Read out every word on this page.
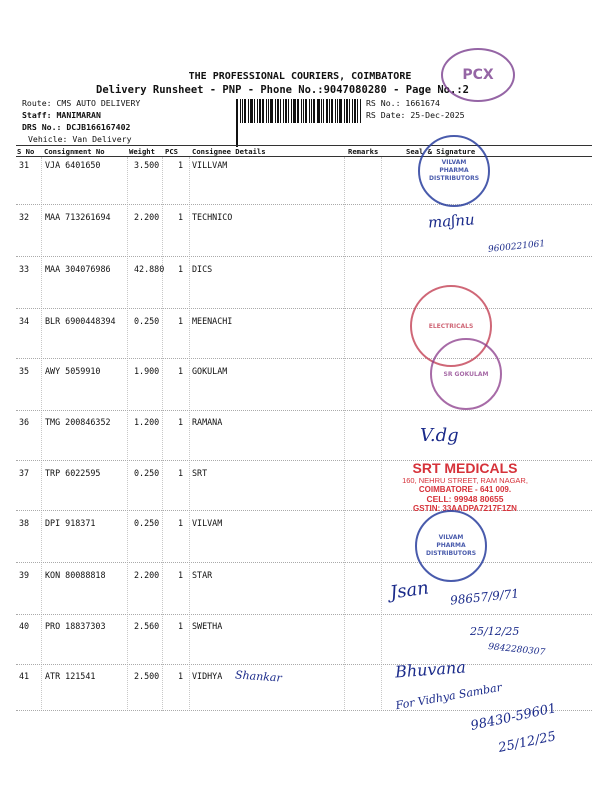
THE PROFESSIONAL COURIERS, COIMBATORE
Delivery Runsheet - PNP - Phone No.:9047080280 - Page No.:2
Route: CMS AUTO DELIVERY
Staff: MANIMARAN
DRS No.: DCJB166167402
Vehicle: Van Delivery
RS No.: 1661674
RS Date: 25-Dec-2025
PCX
S No Consignment No	Weight PCS Consignee Details	Remarks	Seal & Signature
31 VJA 6401650	3.500 1 VILLVAM
32 MAA 713261694	2.200 1 TECHNICO
33 MAA 304076986	42.880 1 DICS
34 BLR 6900448394 0.250 1 MEENACHI
35 AWY 5059910	1.900 1 GOKULAM
36 TMG 200846352	1.200 1 RAMANA
37 TRP 6022595	0.250 1 SRT
38 DPI 918371	0.250 1 VILVAM
39 KON 80088818	2.200 1 STAR
40 PRO 18837303	2.560 1 SWETHA
41 ATR 121541	2.500 1 VIDHYA
VILVAM PHARMA DISTRIBUTORS
ELECTRICALS
SR GOKULAM
SRT MEDICALS
160, NEHRU STREET, RAM NAGAR,
COIMBATORE - 641 009.
CELL: 99948 80655
GSTIN: 33AADPA7217F1ZN
VILVAM PHARMA DISTRIBUTORS
maʃnu
9600221061
V.dg
Jsan 98657/9/71
25/12/25
9842280307
Shankar	Bhuvana
For Vidhya Sambar
98430-59601
25/12/25
